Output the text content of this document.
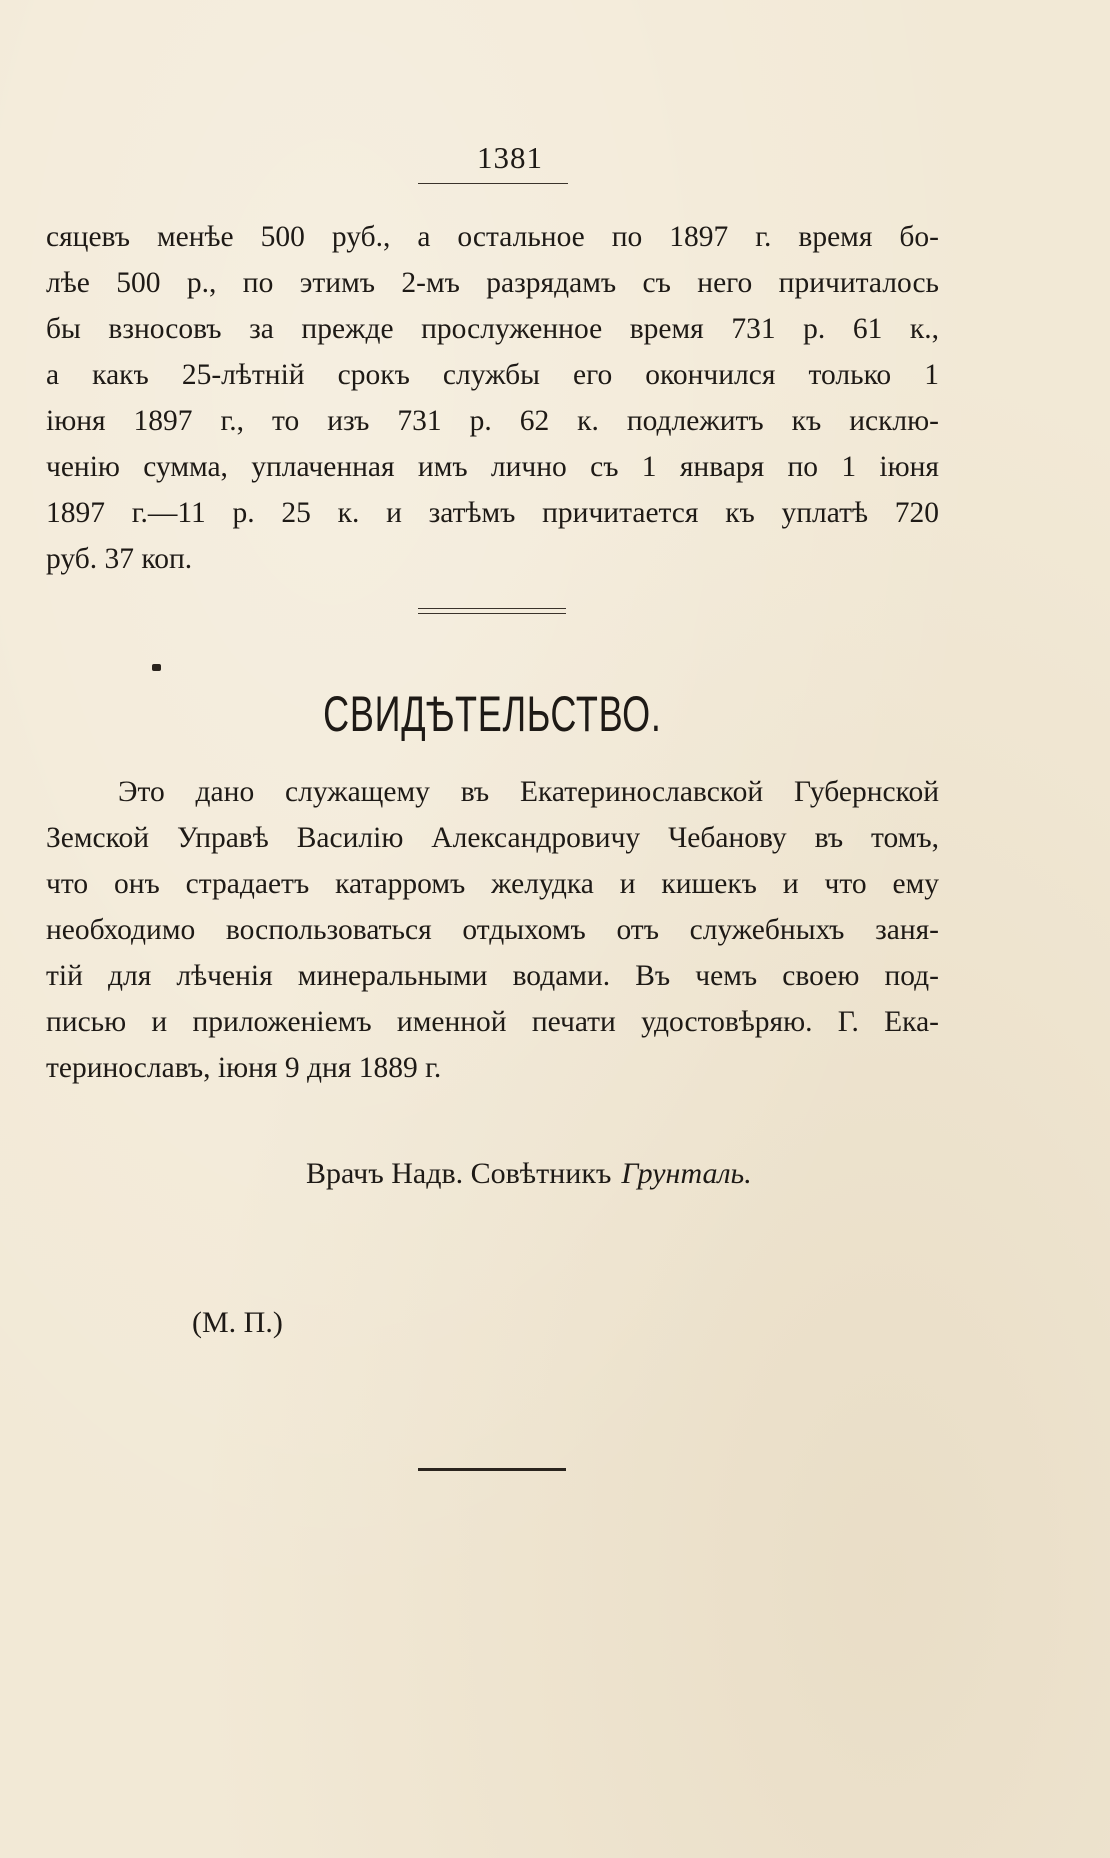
1381
сяцевъ менѣе 500 руб., а остальное по 1897 г. время бо-
лѣе 500 р., по этимъ 2-мъ разрядамъ съ него причиталось
бы взносовъ за прежде прослуженное время 731 р. 61 к.,
а какъ 25-лѣтній срокъ службы его окончился только 1
іюня 1897 г., то изъ 731 р. 62 к. подлежитъ къ исклю-
ченію сумма, уплаченная имъ лично съ 1 января по 1 іюня
1897 г.—11 р. 25 к. и затѣмъ причитается къ уплатѣ 720
руб. 37 коп.
СВИДѢТЕЛЬСТВО.
Это дано служащему въ Екатеринославской Губернской
Земской Управѣ Василію Александровичу Чебанову въ томъ,
что онъ страдаетъ катарромъ желудка и кишекъ и что ему
необходимо воспользоваться отдыхомъ отъ служебныхъ заня-
тій для лѣченія минеральными водами. Въ чемъ своею под-
писью и приложеніемъ именной печати удостовѣряю. Г. Ека-
теринославъ, іюня 9 дня 1889 г.
Врачъ Надв. Совѣтникъ Грунталь.
(М. П.)
